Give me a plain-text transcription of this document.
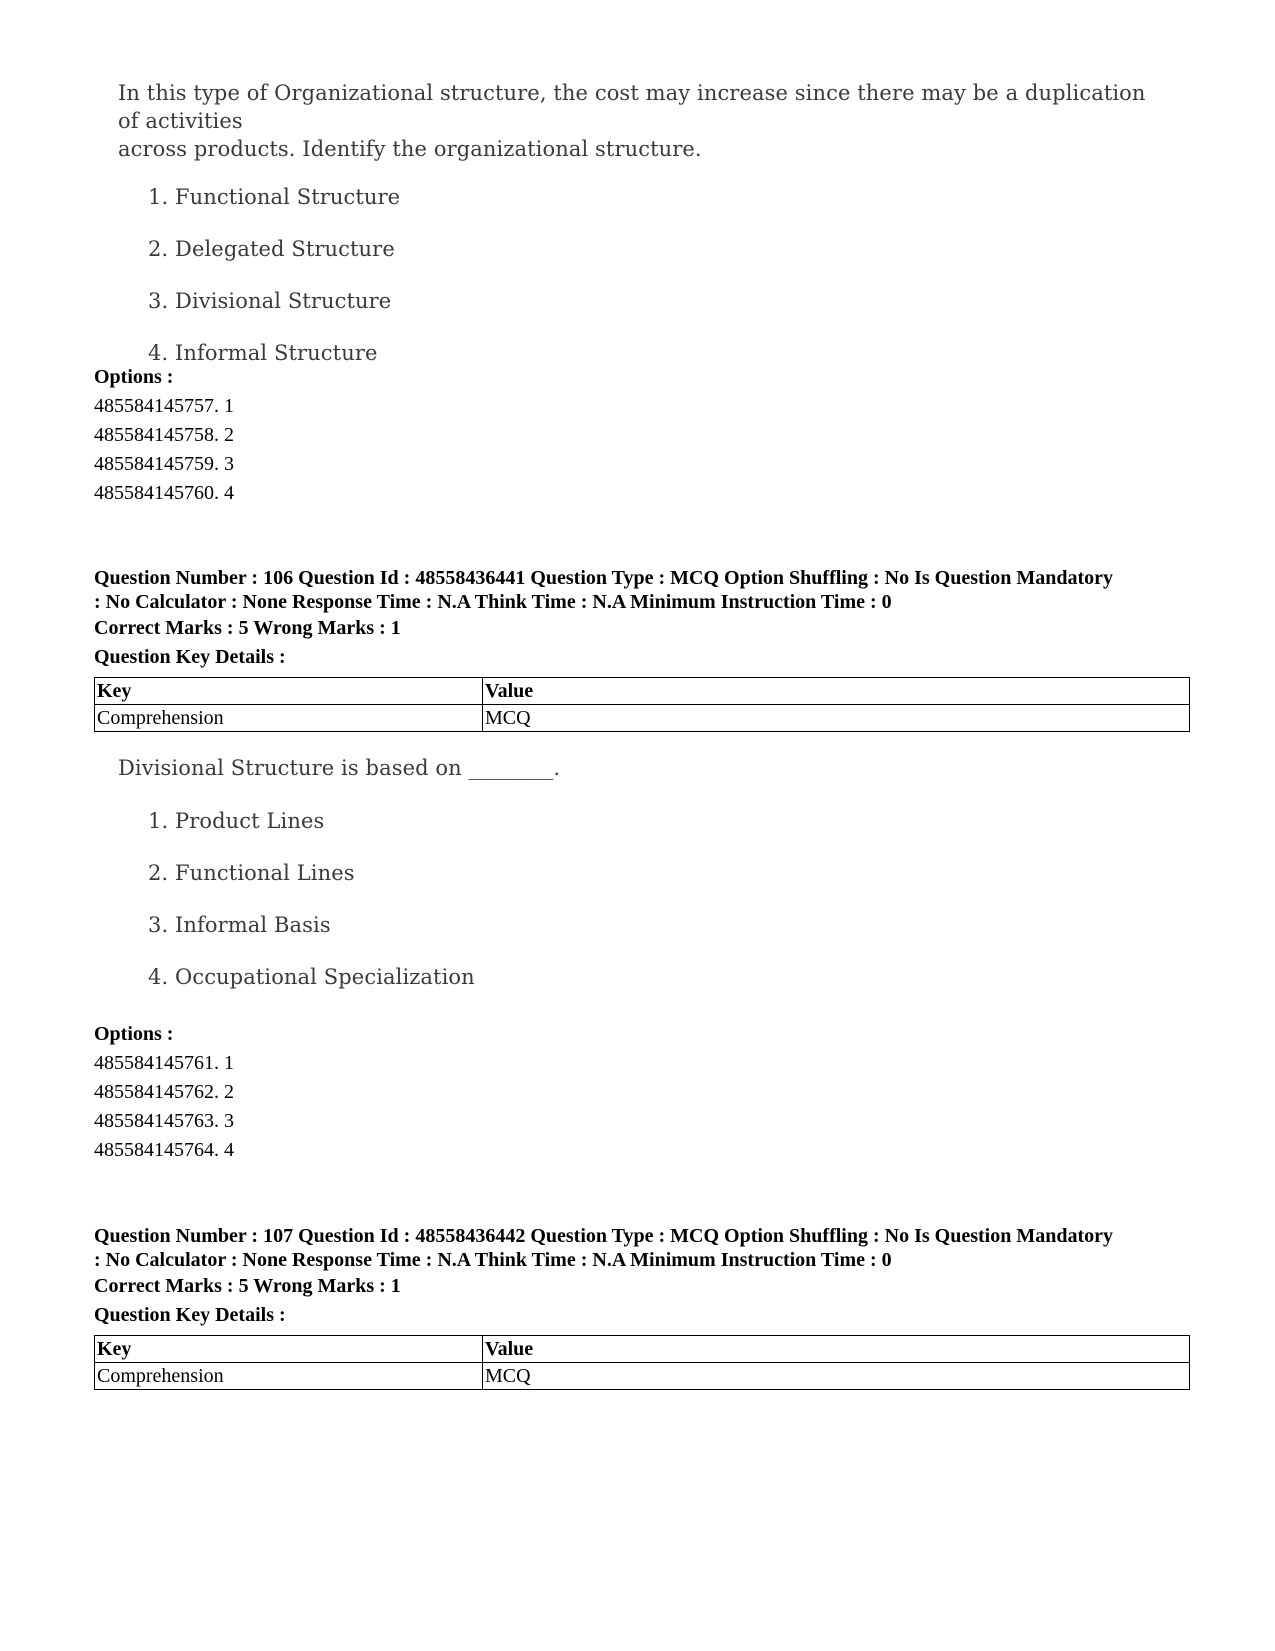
In this type of Organizational structure, the cost may increase since there may be a duplication of activities
across products. Identify the organizational structure.
1. Functional Structure
2. Delegated Structure
3. Divisional Structure
4. Informal Structure
Options :
485584145757. 1
485584145758. 2
485584145759. 3
485584145760. 4
Question Number : 106 Question Id : 48558436441 Question Type : MCQ Option Shuffling : No Is Question Mandatory
: No Calculator : None Response Time : N.A Think Time : N.A Minimum Instruction Time : 0
Correct Marks : 5 Wrong Marks : 1
Question Key Details :
Key	Value
Comprehension	MCQ
Divisional Structure is based on ________.
1. Product Lines
2. Functional Lines
3. Informal Basis
4. Occupational Specialization
Options :
485584145761. 1
485584145762. 2
485584145763. 3
485584145764. 4
Question Number : 107 Question Id : 48558436442 Question Type : MCQ Option Shuffling : No Is Question Mandatory
: No Calculator : None Response Time : N.A Think Time : N.A Minimum Instruction Time : 0
Correct Marks : 5 Wrong Marks : 1
Question Key Details :
Key	Value
Comprehension	MCQ
